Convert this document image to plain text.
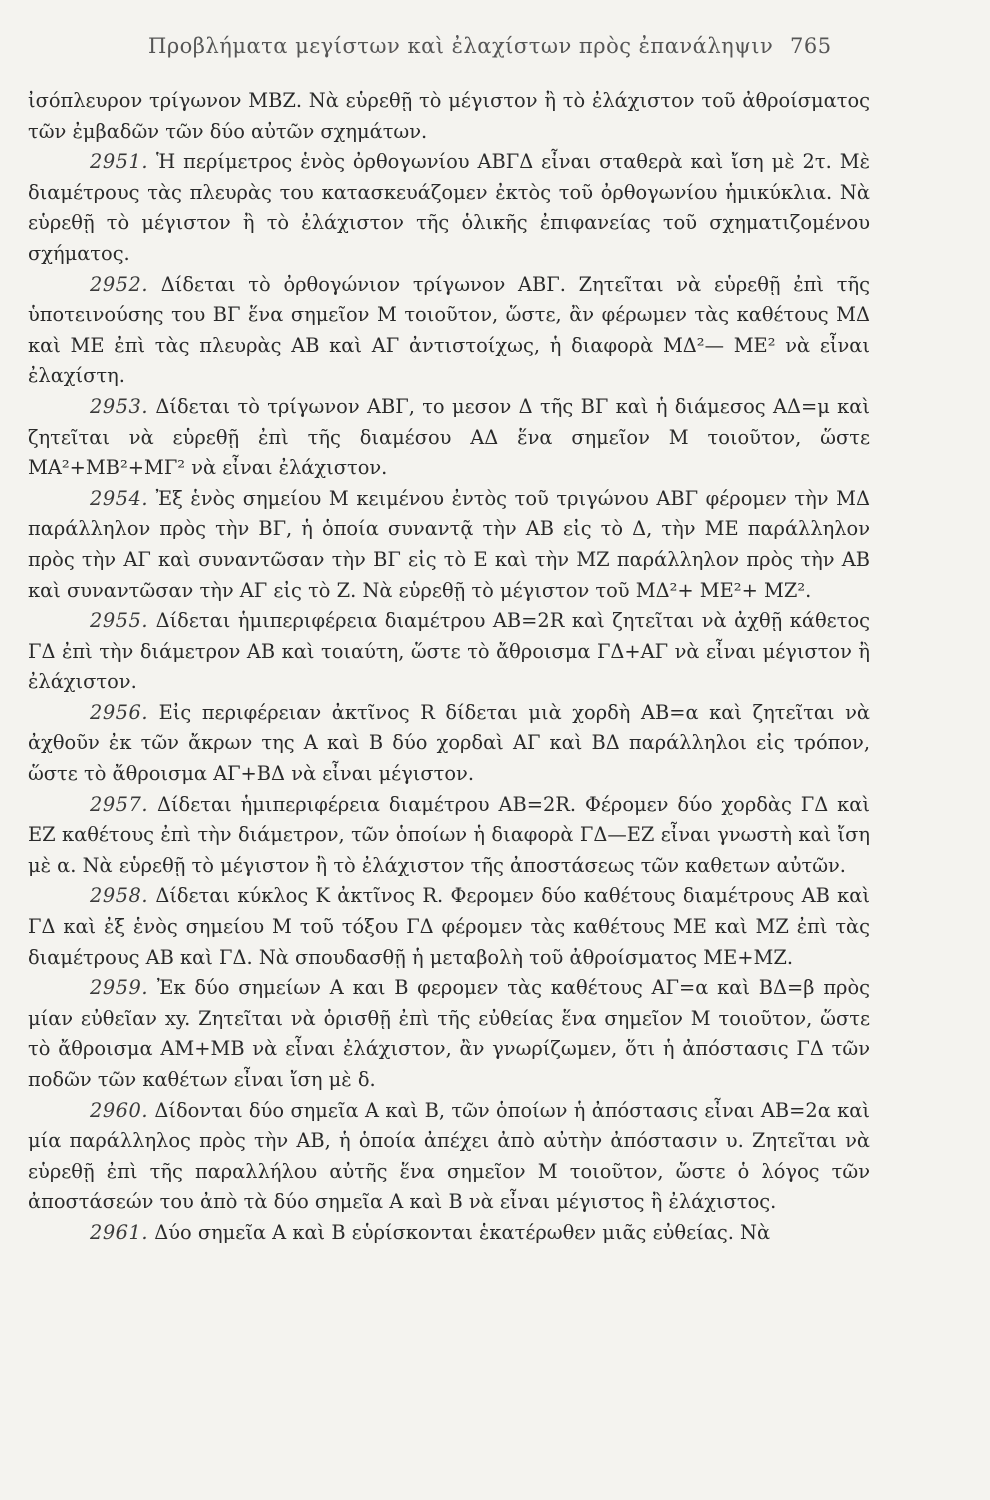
Προβλήματα μεγίστων καὶ ἐλαχίστων πρὸς ἐπανάληψιν 765

ἰσόπλευρον τρίγωνον ΜΒΖ. Νὰ εὑρεθῇ τὸ μέγιστον ἢ τὸ ἐλάχιστον τοῦ ἀθροίσματος τῶν ἐμβαδῶν τῶν δύο αὐτῶν σχημάτων.

2951. Ἡ περίμετρος ἑνὸς ὀρθογωνίου ΑΒΓΔ εἶναι σταθερὰ καὶ ἴση μὲ 2τ. Μὲ διαμέτρους τὰς πλευρὰς του κατασκευάζομεν ἐκτὸς τοῦ ὀρθογωνίου ἡμικύκλια. Νὰ εὑρεθῇ τὸ μέγιστον ἢ τὸ ἐλάχιστον τῆς ὁλικῆς ἐπιφανείας τοῦ σχηματιζομένου σχήματος.

2952. Δίδεται τὸ ὀρθογώνιον τρίγωνον ΑΒΓ. Ζητεῖται νὰ εὑρεθῇ ἐπὶ τῆς ὑποτεινούσης του ΒΓ ἕνα σημεῖον Μ τοιοῦτον, ὥστε, ἂν φέρωμεν τὰς καθέτους ΜΔ καὶ ΜΕ ἐπὶ τὰς πλευρὰς ΑΒ καὶ ΑΓ ἀντιστοίχως, ἡ διαφορὰ ΜΔ²— ΜΕ² νὰ εἶναι ἐλαχίστη.

2953. Δίδεται τὸ τρίγωνον ΑΒΓ, το μεσον Δ τῆς ΒΓ καὶ ἡ διάμεσος ΑΔ=μ καὶ ζητεῖται νὰ εὑρεθῇ ἐπὶ τῆς διαμέσου ΑΔ ἕνα σημεῖον Μ τοιοῦτον, ὥστε ΜΑ²+ΜΒ²+ΜΓ² νὰ εἶναι ἐλάχιστον.

2954. Ἐξ ἑνὸς σημείου Μ κειμένου ἐντὸς τοῦ τριγώνου ΑΒΓ φέρομεν τὴν ΜΔ παράλληλον πρὸς τὴν ΒΓ, ἡ ὁποία συναντᾷ τὴν ΑΒ εἰς τὸ Δ, τὴν ΜΕ παράλληλον πρὸς τὴν ΑΓ καὶ συναντῶσαν τὴν ΒΓ εἰς τὸ Ε καὶ τὴν ΜΖ παράλληλον πρὸς τὴν ΑΒ καὶ συναντῶσαν τὴν ΑΓ εἰς τὸ Ζ. Νὰ εὑρεθῇ τὸ μέγιστον τοῦ ΜΔ²+ ΜΕ²+ ΜΖ².

2955. Δίδεται ἡμιπεριφέρεια διαμέτρου ΑΒ=2R καὶ ζητεῖται νὰ ἀχθῇ κάθετος ΓΔ ἐπὶ τὴν διάμετρον ΑΒ καὶ τοιαύτη, ὥστε τὸ ἄθροισμα ΓΔ+ΑΓ νὰ εἶναι μέγιστον ἢ ἐλάχιστον.

2956. Εἰς περιφέρειαν ἀκτῖνος R δίδεται μιὰ χορδὴ ΑΒ=α καὶ ζητεῖται νὰ ἀχθοῦν ἐκ τῶν ἄκρων της Α καὶ Β δύο χορδαὶ ΑΓ καὶ ΒΔ παράλληλοι εἰς τρόπον, ὥστε τὸ ἄθροισμα ΑΓ+ΒΔ νὰ εἶναι μέγιστον.

2957. Δίδεται ἡμιπεριφέρεια διαμέτρου ΑΒ=2R. Φέρομεν δύο χορδὰς ΓΔ καὶ ΕΖ καθέτους ἐπὶ τὴν διάμετρον, τῶν ὁποίων ἡ διαφορὰ ΓΔ—ΕΖ εἶναι γνωστὴ καὶ ἴση μὲ α. Νὰ εὑρεθῇ τὸ μέγιστον ἢ τὸ ἐλάχιστον τῆς ἀποστάσεως τῶν καθετων αὐτῶν.

2958. Δίδεται κύκλος Κ ἀκτῖνος R. Φερομεν δύο καθέτους διαμέτρους ΑΒ καὶ ΓΔ καὶ ἐξ ἑνὸς σημείου Μ τοῦ τόξου ΓΔ φέρομεν τὰς καθέτους ΜΕ καὶ ΜΖ ἐπὶ τὰς διαμέτρους ΑΒ καὶ ΓΔ. Νὰ σπουδασθῇ ἡ μεταβολὴ τοῦ ἀθροίσματος ΜΕ+ΜΖ.

2959. Ἐκ δύο σημείων Α και Β φερομεν τὰς καθέτους ΑΓ=α καὶ ΒΔ=β πρὸς μίαν εὐθεῖαν xy. Ζητεῖται νὰ ὁρισθῇ ἐπὶ τῆς εὐθείας ἕνα σημεῖον Μ τοιοῦτον, ὥστε τὸ ἄθροισμα ΑΜ+ΜΒ νὰ εἶναι ἐλάχιστον, ἂν γνωρίζωμεν, ὅτι ἡ ἀπόστασις ΓΔ τῶν ποδῶν τῶν καθέτων εἶναι ἴση μὲ δ.

2960. Δίδονται δύο σημεῖα Α καὶ Β, τῶν ὁποίων ἡ ἀπόστασις εἶναι ΑΒ=2α καὶ μία παράλληλος πρὸς τὴν ΑΒ, ἡ ὁποία ἀπέχει ἀπὸ αὐτὴν ἀπόστασιν υ. Ζητεῖται νὰ εὑρεθῇ ἐπὶ τῆς παραλλήλου αὐτῆς ἕνα σημεῖον Μ τοιοῦτον, ὥστε ὁ λόγος τῶν ἀποστάσεών του ἀπὸ τὰ δύο σημεῖα Α καὶ Β νὰ εἶναι μέγιστος ἢ ἐλάχιστος.

2961. Δύο σημεῖα Α καὶ Β εὑρίσκονται ἑκατέρωθεν μιᾶς εὐθείας. Νὰ
